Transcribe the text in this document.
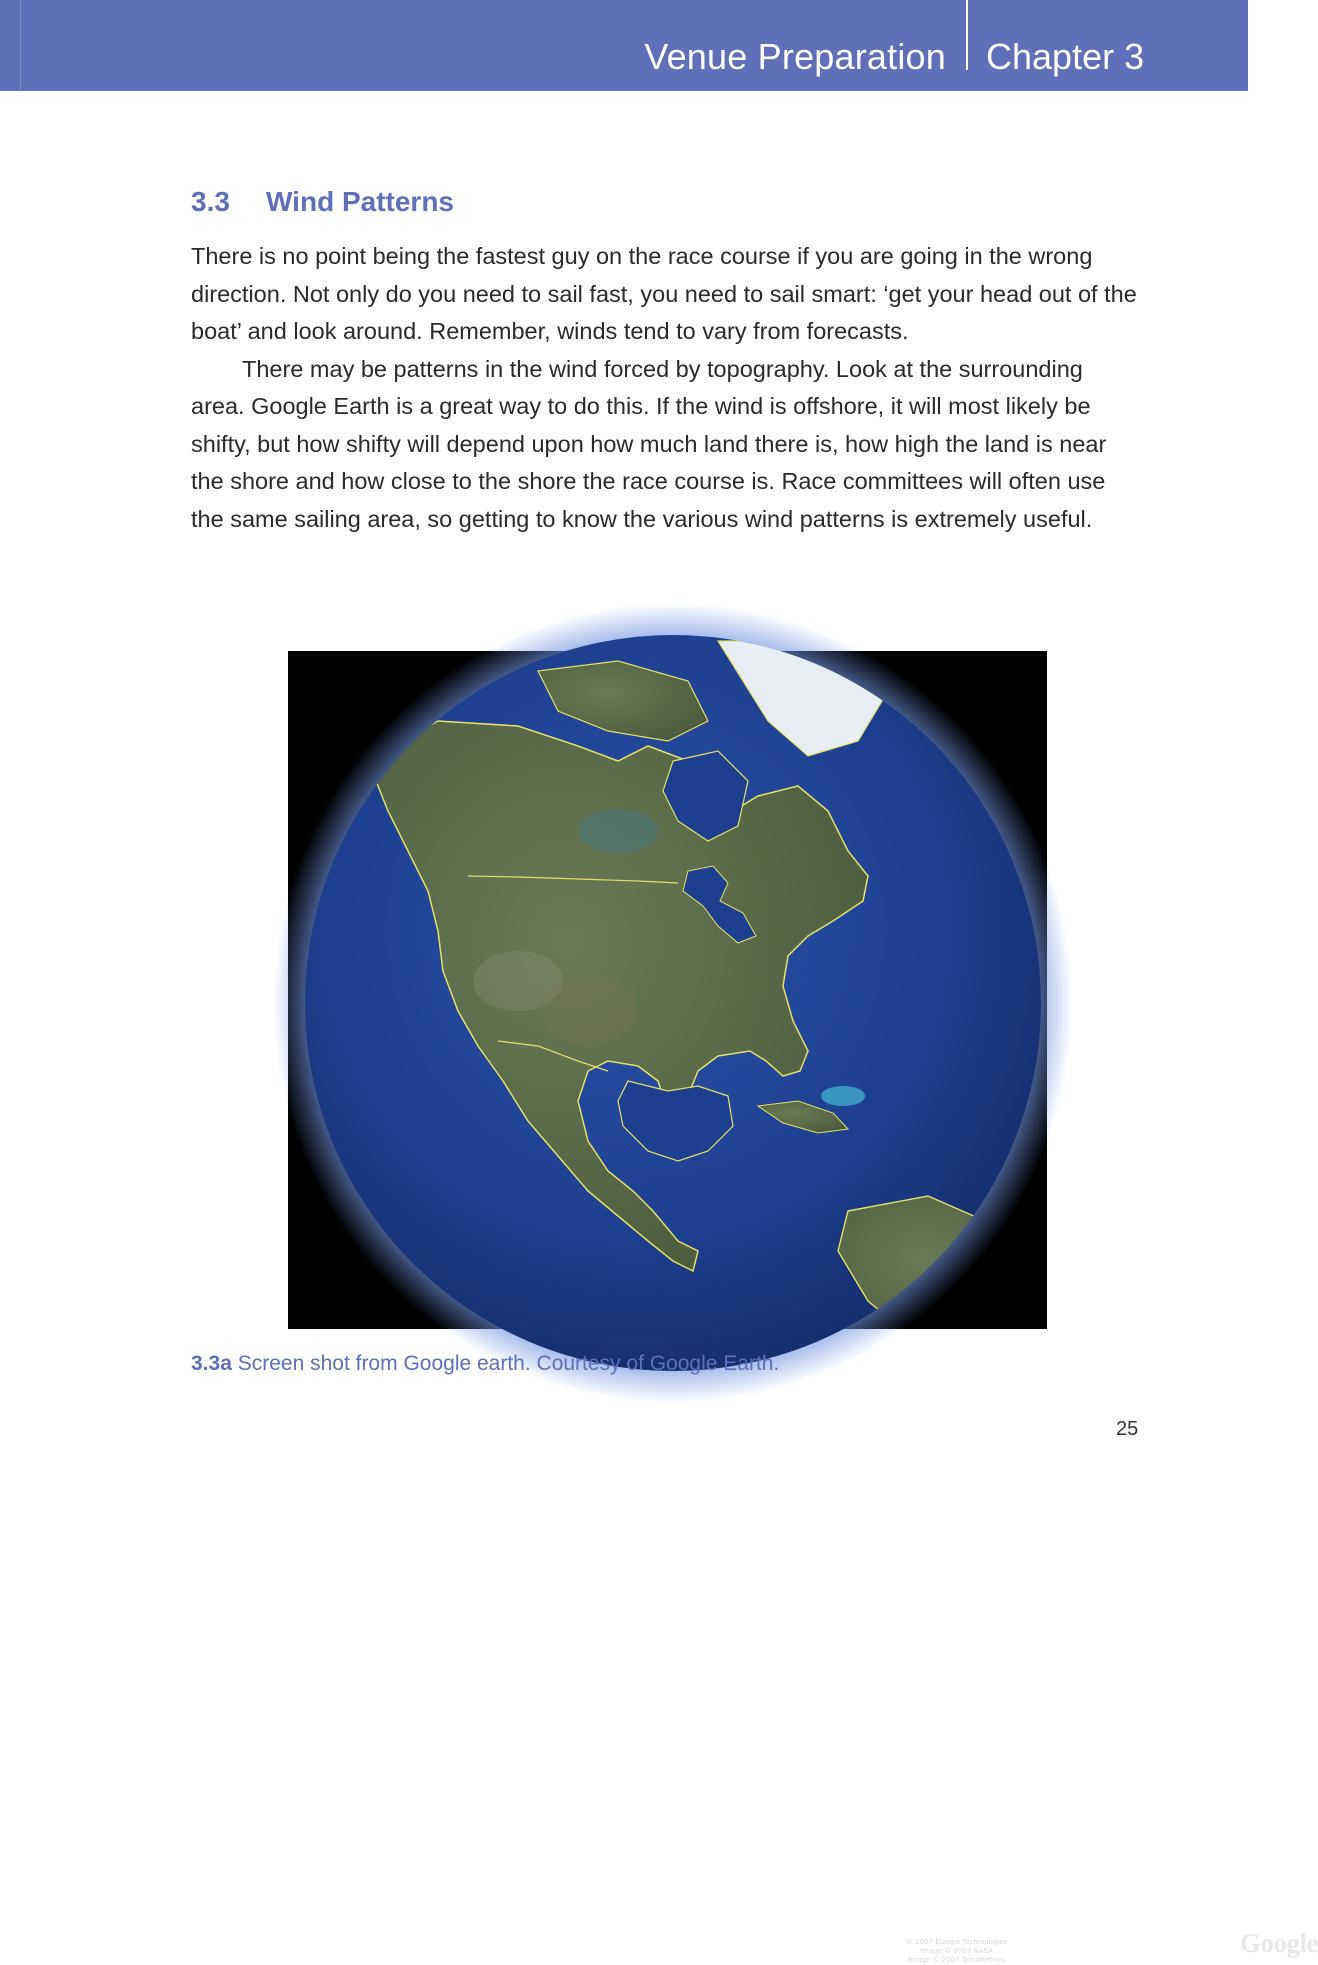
Venue Preparation Chapter 3
3.3 Wind Patterns

There is no point being the fastest guy on the race course if you are going in the wrong direction. Not only do you need to sail fast, you need to sail smart: ‘get your head out of the boat’ and look around. Remember, winds tend to vary from forecasts.

There may be patterns in the wind forced by topography. Look at the surrounding area. Google Earth is a great way to do this. If the wind is offshore, it will most likely be shifty, but how shifty will depend upon how much land there is, how high the land is near the shore and how close to the shore the race course is. Race committees will often use the same sailing area, so getting to know the various wind patterns is extremely useful.

© 2007 Europa Technologies
Image © 2007 NASA
Image © 2007 TerraMetrics
Google
3.3a Screen shot from Google earth. Courtesy of Google Earth.
25
